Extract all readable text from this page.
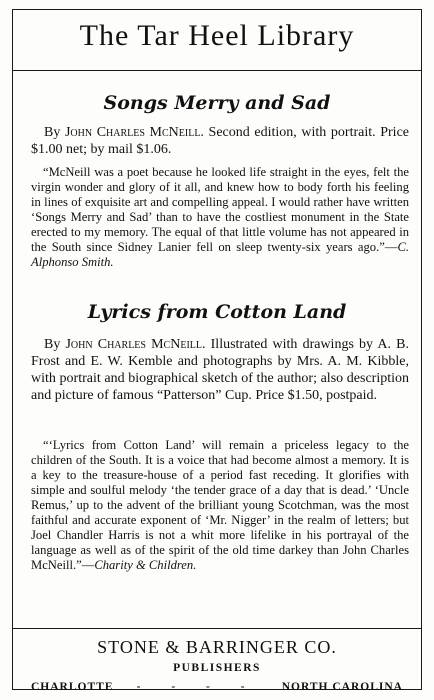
The Tar Heel Library
Songs Merry and Sad

By John Charles McNeill. Second edition, with portrait. Price $1.00 net; by mail $1.06.

“McNeill was a poet because he looked life straight in the eyes, felt the virgin wonder and glory of it all, and knew how to body forth his feeling in lines of exquisite art and compelling appeal. I would rather have written ‘Songs Merry and Sad’ than to have the costliest monument in the State erected to my memory. The equal of that little volume has not appeared in the South since Sidney Lanier fell on sleep twenty-six years ago.”—C. Alphonso Smith.

Lyrics from Cotton Land

By John Charles McNeill. Illustrated with drawings by A. B. Frost and E. W. Kemble and photographs by Mrs. A. M. Kibble, with portrait and biographical sketch of the author; also description and picture of famous “Patterson” Cup. Price $1.50, postpaid.

“‘Lyrics from Cotton Land’ will remain a priceless legacy to the children of the South. It is a voice that had become almost a memory. It is a key to the treasure-house of a period fast receding. It glorifies with simple and soulful melody ‘the tender grace of a day that is dead.’ ‘Uncle Remus,’ up to the advent of the brilliant young Scotchman, was the most faithful and accurate exponent of ‘Mr. Nigger’ in the realm of letters; but Joel Chandler Harris is not a whit more lifelike in his portrayal of the language as well as of the spirit of the old time darkey than John Charles McNeill.”—Charity & Children.

STONE & BARRINGER CO.
PUBLISHERS
CHARLOTTE - - - - NORTH CAROLINA
